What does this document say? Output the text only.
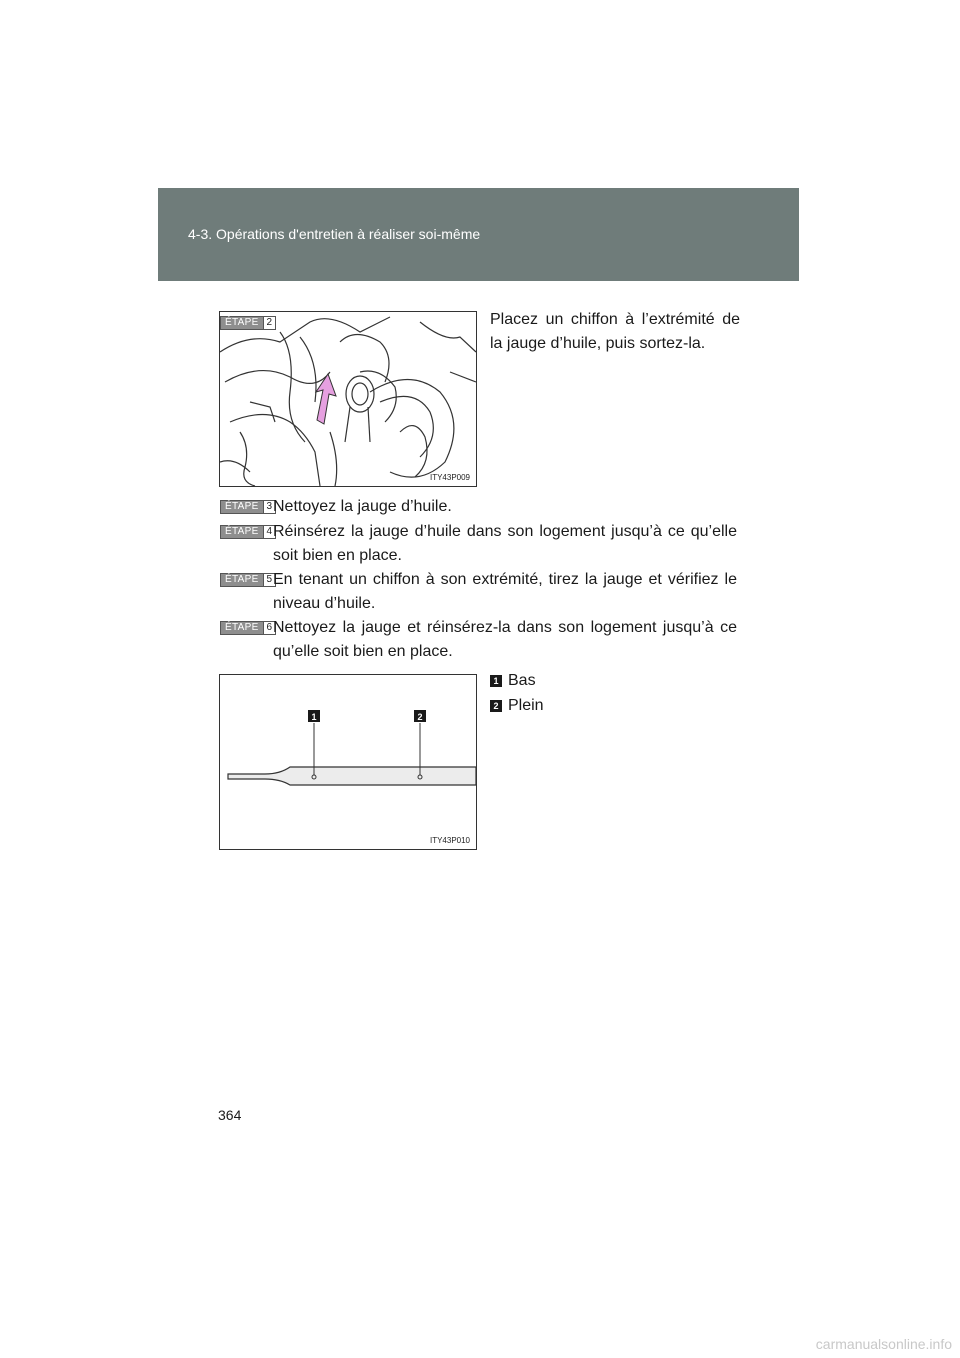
4-3. Opérations d'entretien à réaliser soi-même
ÉTAPE 2
ITY43P009
Placez un chiffon à l’extrémité de la jauge d’huile, puis sortez-la.
ÉTAPE 3 Nettoyez la jauge d’huile.
ÉTAPE 4 Réinsérez la jauge d’huile dans son logement jusqu’à ce qu’elle soit bien en place.
ÉTAPE 5 En tenant un chiffon à son extrémité, tirez la jauge et vérifiez le niveau d’huile.
ÉTAPE 6 Nettoyez la jauge et réinsérez-la dans son logement jusqu’à ce qu’elle soit bien en place.
1	2
ITY43P010
1 Bas
2 Plein
364
carmanualsonline.info
